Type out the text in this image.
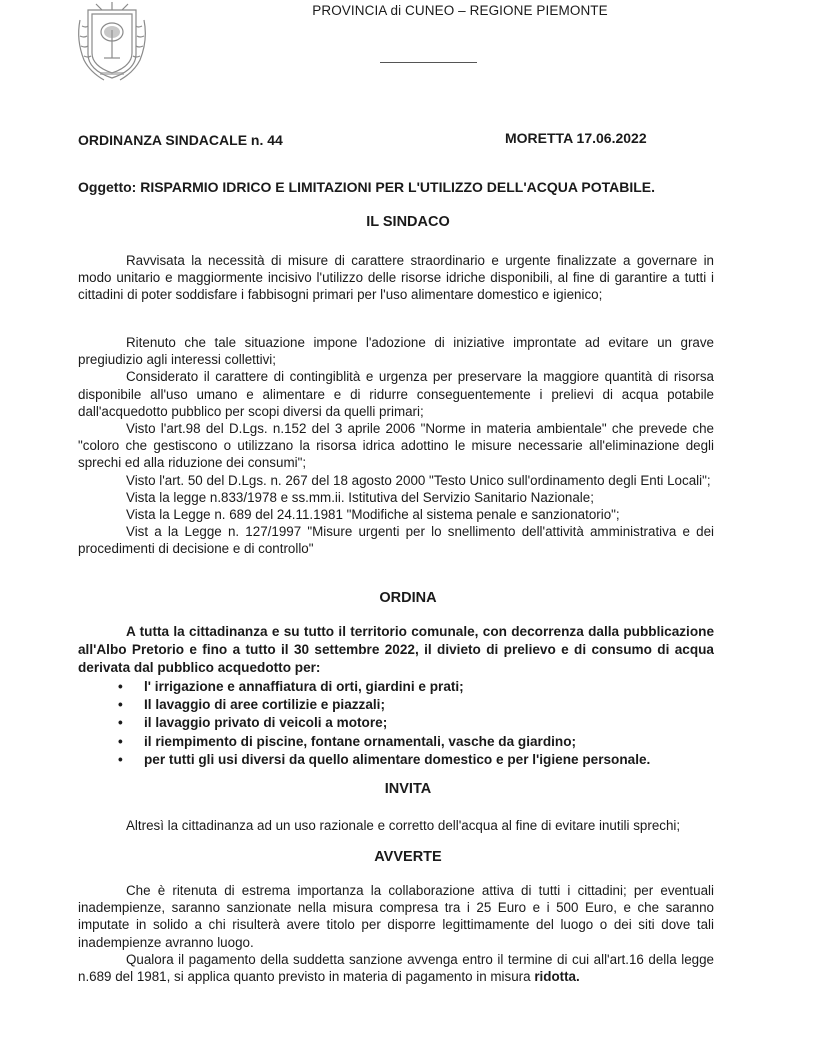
PROVINCIA di CUNEO – REGIONE PIEMONTE
ORDINANZA SINDACALE n. 44	MORETTA 17.06.2022
Oggetto: RISPARMIO IDRICO E LIMITAZIONI PER L'UTILIZZO DELL'ACQUA POTABILE.
IL SINDACO

Ravvisata la necessità di misure di carattere straordinario e urgente finalizzate a governare in modo unitario e maggiormente incisivo l'utilizzo delle risorse idriche disponibili, al fine di garantire a tutti i cittadini di poter soddisfare i fabbisogni primari per l'uso alimentare domestico e igienico;

Ritenuto che tale situazione impone l'adozione di iniziative improntate ad evitare un grave pregiudizio agli interessi collettivi;

Considerato il carattere di contingiblità e urgenza per preservare la maggiore quantità di risorsa disponibile all'uso umano e alimentare e di ridurre conseguentemente i prelievi di acqua potabile dall'acquedotto pubblico per scopi diversi da quelli primari;

Visto l'art.98 del D.Lgs. n.152 del 3 aprile 2006 "Norme in materia ambientale" che prevede che "coloro che gestiscono o utilizzano la risorsa idrica adottino le misure necessarie all'eliminazione degli sprechi ed alla riduzione dei consumi";

Visto l'art. 50 del D.Lgs. n. 267 del 18 agosto 2000 "Testo Unico sull'ordinamento degli Enti Locali";

Vista la legge n.833/1978 e ss.mm.ii. Istitutiva del Servizio Sanitario Nazionale;

Vista la Legge n. 689 del 24.11.1981 "Modifiche al sistema penale e sanzionatorio";

Vist a la Legge n. 127/1997 "Misure urgenti per lo snellimento dell'attività amministrativa e dei procedimenti di decisione e di controllo"

ORDINA

A tutta la cittadinanza e su tutto il territorio comunale, con decorrenza dalla pubblicazione all'Albo Pretorio e fino a tutto il 30 settembre 2022, il divieto di prelievo e di consumo di acqua derivata dal pubblico acquedotto per:

• l' irrigazione e annaffiatura di orti, giardini e prati;
• Il lavaggio di aree cortilizie e piazzali;
• il lavaggio privato di veicoli a motore;
• il riempimento di piscine, fontane ornamentali, vasche da giardino;
• per tutti gli usi diversi da quello alimentare domestico e per l'igiene personale.
INVITA

Altresì la cittadinanza ad un uso razionale e corretto dell'acqua al fine di evitare inutili sprechi;

AVVERTE

Che è ritenuta di estrema importanza la collaborazione attiva di tutti i cittadini; per eventuali inadempienze, saranno sanzionate nella misura compresa tra i 25 Euro e i 500 Euro, e che saranno imputate in solido a chi risulterà avere titolo per disporre legittimamente del luogo o dei siti dove tali inadempienze avranno luogo.

Qualora il pagamento della suddetta sanzione avvenga entro il termine di cui all'art.16 della legge n.689 del 1981, si applica quanto previsto in materia di pagamento in misura ridotta.
